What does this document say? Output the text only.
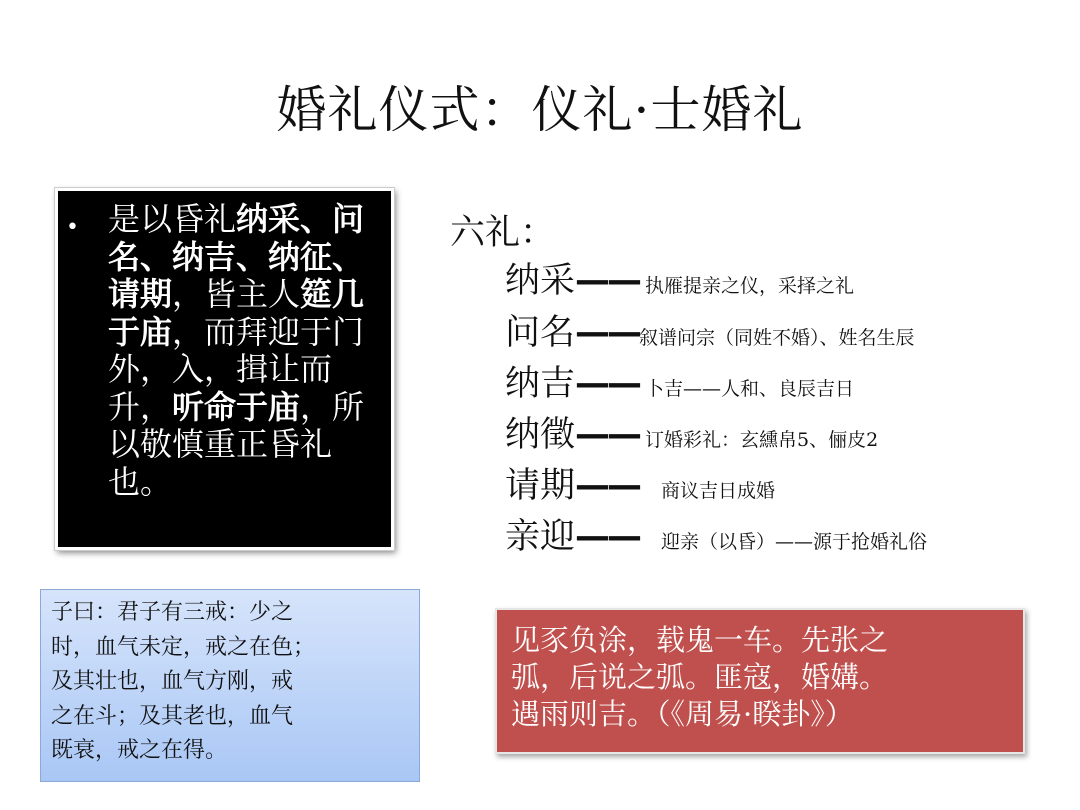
婚礼仪式：仪礼·士婚礼
• 是以昏礼纳采、问名、纳吉、纳征、请期，皆主人筵几于庙，而拜迎于门外，入，揖让而升，听命于庙，所以敬慎重正昏礼也。
六礼：
纳采 —— 执雁提亲之仪，采择之礼
问名 —— 叙谱问宗（同姓不婚）、姓名生辰
纳吉 —— 卜吉——人和、良辰吉日
纳徵 —— 订婚彩礼：玄纁帛5、俪皮2
请期 —— 商议吉日成婚
亲迎 —— 迎亲（以昏）——源于抢婚礼俗
子曰：君子有三戒：少之
时，血气未定，戒之在色；
及其壮也，血气方刚，戒
之在斗；及其老也，血气
既衰，戒之在得。
见豕负涂，载鬼一车。先张之
弧，后说之弧。匪寇，婚媾。
遇雨则吉。（《周易·睽卦》）
